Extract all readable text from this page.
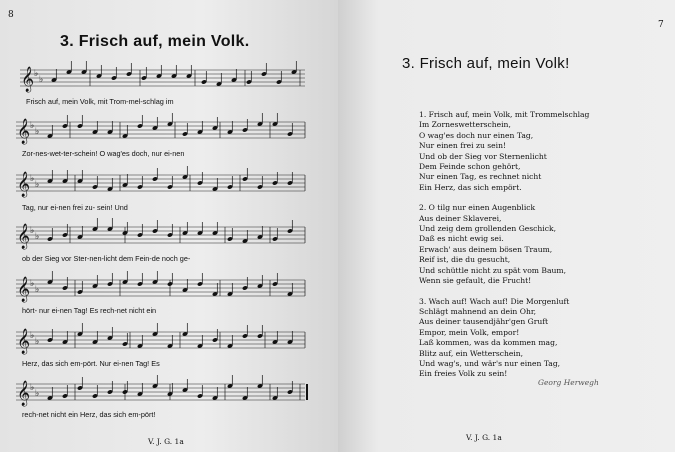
8
3. Frisch auf, mein Volk.
𝄞 ♭
♭
𝄞 ♭
♭
𝄞 ♭
♭
𝄞 ♭
♭
𝄞 ♭
♭
𝄞 ♭
♭
𝄞 ♭
♭
Frisch auf, mein Volk, mit Trom-mel-schlag im
Zor-nes-wet-ter-schein! O wag'es doch, nur ei-nen
Tag, nur ei-nen frei zu- sein! Und
ob der Sieg vor Ster-nen-licht dem Fein-de noch ge-
hört- nur ei-nen Tag! Es rech-net nicht ein
Herz, das sich em-pört. Nur ei-nen Tag! Es
rech-net nicht ein Herz, das sich em-pört!
V. J. G. 1a
7
3. Frisch auf, mein Volk!
1. Frisch auf, mein Volk, mit Trommelschlag
Im Zorneswetterschein,
O wag'es doch nur einen Tag,
Nur einen frei zu sein!
Und ob der Sieg vor Sternenlicht
Dem Feinde schon gehört,
Nur einen Tag, es rechnet nicht
Ein Herz, das sich empört.
2. O tilg nur einen Augenblick
Aus deiner Sklaverei,
Und zeig dem grollenden Geschick,
Daß es nicht ewig sei.
Erwach' aus deinem bösen Traum,
Reif ist, die du gesucht,
Und schüttle nicht zu spät vom Baum,
Wenn sie gefault, die Frucht!
3. Wach auf! Wach auf! Die Morgenluft
Schlägt mahnend an dein Ohr,
Aus deiner tausendjähr'gen Gruft
Empor, mein Volk, empor!
Laß kommen, was da kommen mag,
Blitz auf, ein Wetterschein,
Und wag's, und wär's nur einen Tag,
Ein freies Volk zu sein!
Georg Herwegh
V. J. G. 1a
